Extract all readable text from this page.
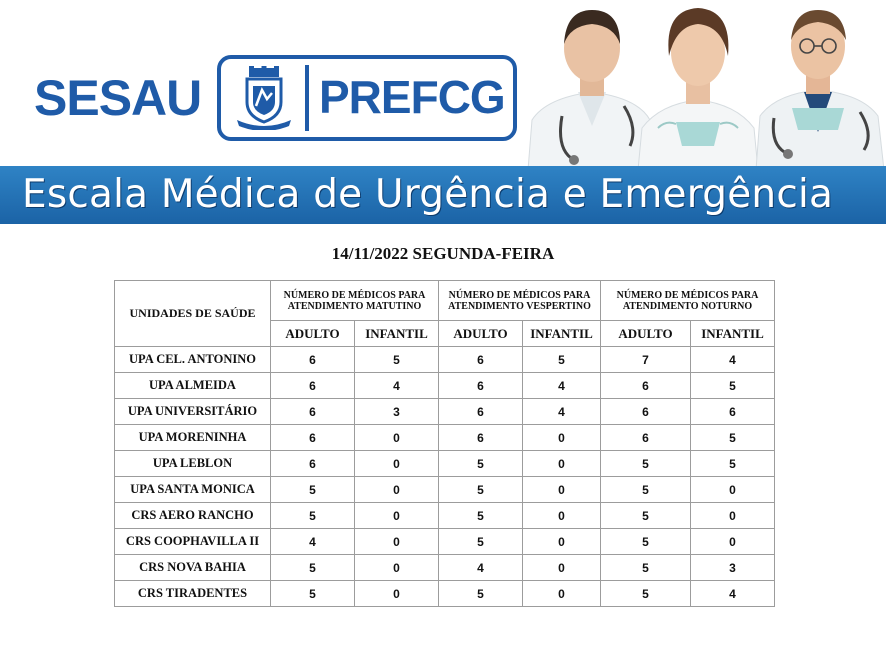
SESAU	PREFCG
Escala Médica de Urgência e Emergência
14/11/2022 SEGUNDA-FEIRA
UNIDADES DE SAÚDE	NÚMERO DE MÉDICOS PARA ATENDIMENTO MATUTINO		NÚMERO DE MÉDICOS PARA ATENDIMENTO VESPERTINO		NÚMERO DE MÉDICOS PARA ATENDIMENTO NOTURNO	
	ADULTO	INFANTIL	ADULTO	INFANTIL	ADULTO	INFANTIL
UPA CEL. ANTONINO	6	5	6	5	7	4
UPA ALMEIDA	6	4	6	4	6	5
UPA UNIVERSITÁRIO	6	3	6	4	6	6
UPA MORENINHA	6	0	6	0	6	5
UPA LEBLON	6	0	5	0	5	5
UPA SANTA MONICA	5	0	5	0	5	0
CRS AERO RANCHO	5	0	5	0	5	0
CRS COOPHAVILLA II	4	0	5	0	5	0
CRS NOVA BAHIA	5	0	4	0	5	3
CRS TIRADENTES	5	0	5	0	5	4
